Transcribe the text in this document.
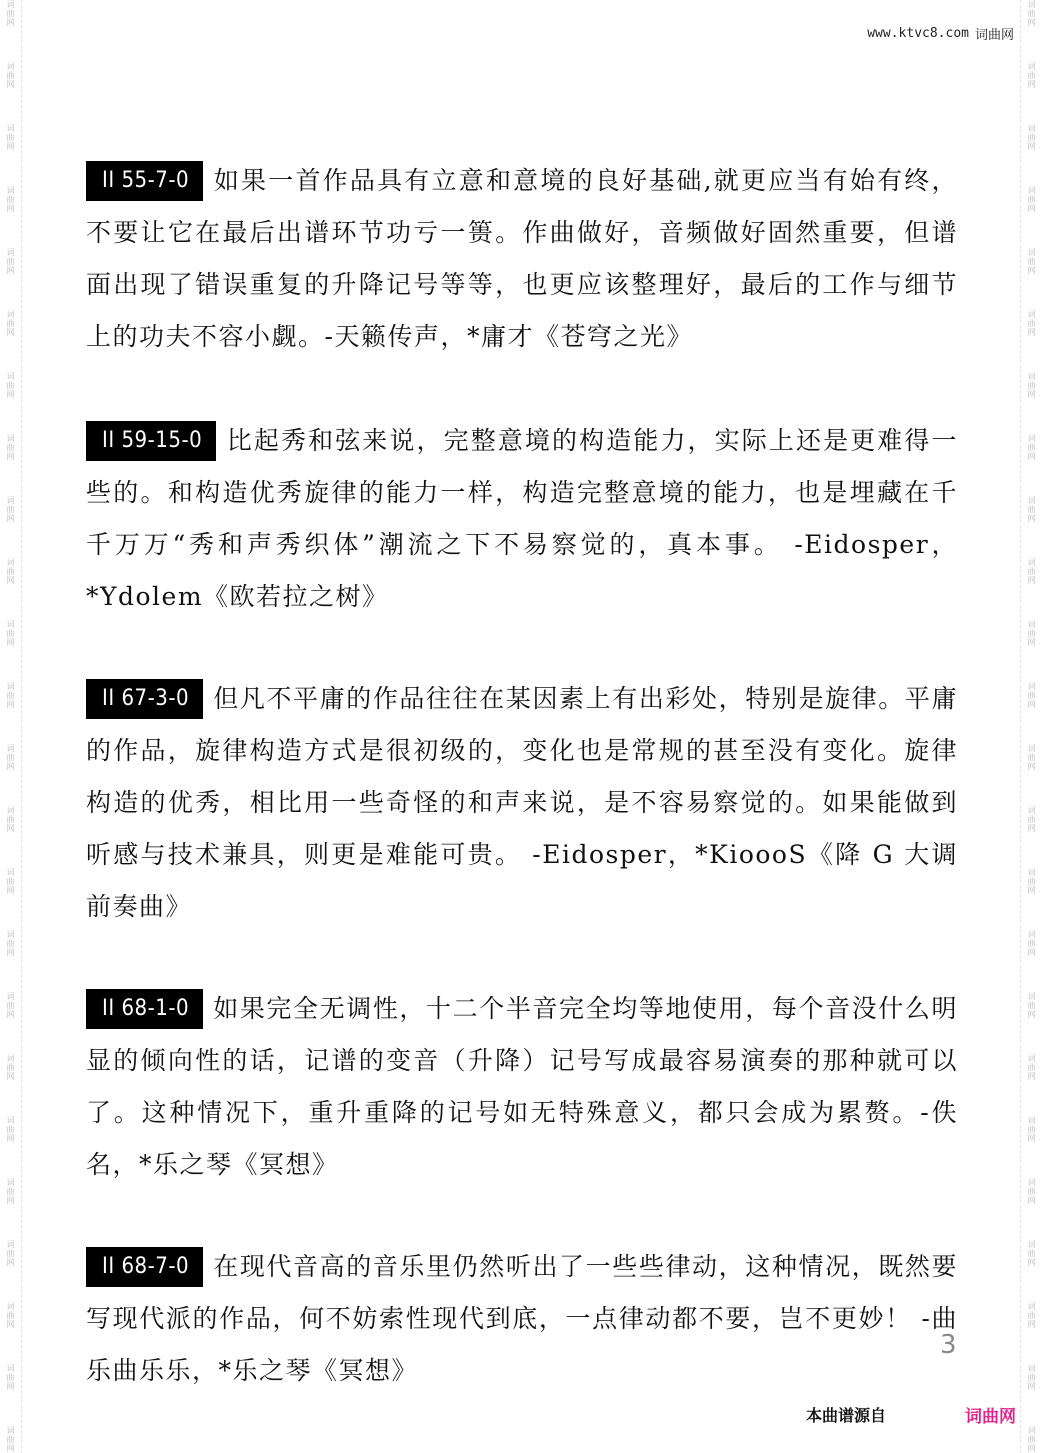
词曲网
词曲网
词曲网
词曲网
词曲网
词曲网
词曲网
词曲网
词曲网
词曲网
词曲网
词曲网
词曲网
词曲网
词曲网
词曲网
词曲网
词曲网
词曲网
词曲网
词曲网
词曲网
词曲网
词曲网
词曲网
词曲网
词曲网
词曲网
词曲网
词曲网
词曲网
词曲网
词曲网
词曲网
词曲网
词曲网
词曲网
词曲网
词曲网
词曲网
词曲网
词曲网
词曲网
词曲网
词曲网
词曲网
词曲网
词曲网
www.ktvc8.com 词曲网

II 55-7-0 如果一首作品具有立意和意境的良好基础,就更应当有始有终，不要让它在最后出谱环节功亏一篑。作曲做好，音频做好固然重要，但谱面出现了错误重复的升降记号等等，也更应该整理好，最后的工作与细节上的功夫不容小觑。-天籁传声，*庸才《苍穹之光》

II 59-15-0 比起秀和弦来说，完整意境的构造能力，实际上还是更难得一些的。和构造优秀旋律的能力一样，构造完整意境的能力，也是埋藏在千千万万“秀和声秀织体”潮流之下不易察觉的，真本事。 -Eidosper，*Ydolem《欧若拉之树》

II 67-3-0 但凡不平庸的作品往往在某因素上有出彩处，特别是旋律。平庸的作品，旋律构造方式是很初级的，变化也是常规的甚至没有变化。旋律构造的优秀，相比用一些奇怪的和声来说，是不容易察觉的。如果能做到听感与技术兼具，则更是难能可贵。 -Eidosper，*KioooS《降 G 大调前奏曲》

II 68-1-0 如果完全无调性，十二个半音完全均等地使用，每个音没什么明显的倾向性的话，记谱的变音（升降）记号写成最容易演奏的那种就可以了。这种情况下，重升重降的记号如无特殊意义，都只会成为累赘。-佚名，*乐之琴《冥想》

II 68-7-0 在现代音高的音乐里仍然听出了一些些律动，这种情况，既然要写现代派的作品，何不妨索性现代到底，一点律动都不要，岂不更妙！ -曲乐曲乐乐，*乐之琴《冥想》

3
本曲谱源自	词曲网
